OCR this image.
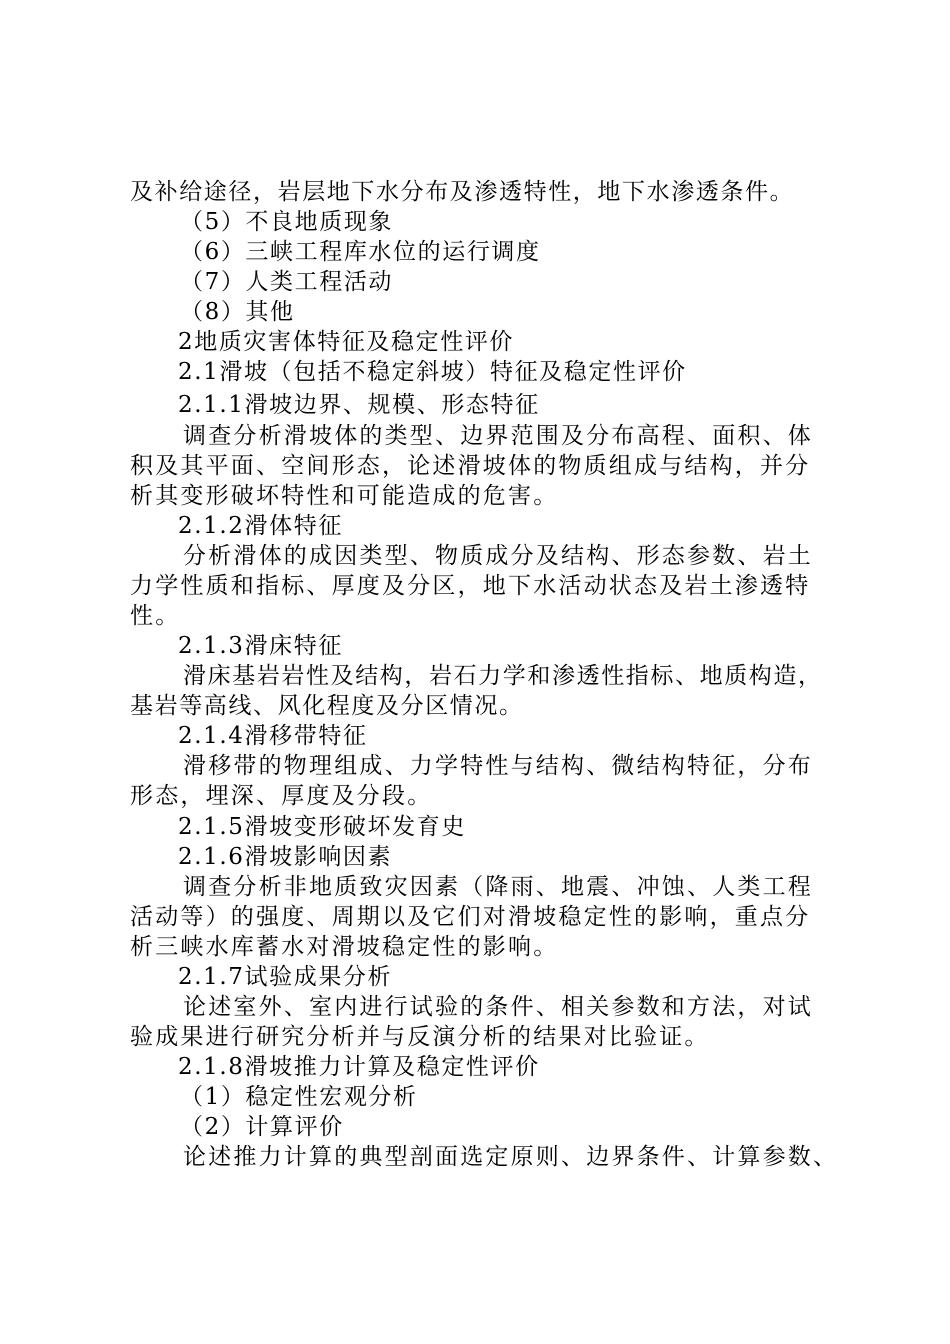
及补给途径，岩层地下水分布及渗透特性，地下水渗透条件。
（5）不良地质现象
（6）三峡工程库水位的运行调度
（7）人类工程活动
（8）其他
2地质灾害体特征及稳定性评价
2.1滑坡（包括不稳定斜坡）特征及稳定性评价
2.1.1滑坡边界、规模、形态特征
调查分析滑坡体的类型、边界范围及分布高程、面积、体
积及其平面、空间形态，论述滑坡体的物质组成与结构，并分
析其变形破坏特性和可能造成的危害。
2.1.2滑体特征
分析滑体的成因类型、物质成分及结构、形态参数、岩土
力学性质和指标、厚度及分区，地下水活动状态及岩土渗透特
性。
2.1.3滑床特征
滑床基岩岩性及结构，岩石力学和渗透性指标、地质构造，
基岩等高线、风化程度及分区情况。
2.1.4滑移带特征
滑移带的物理组成、力学特性与结构、微结构特征，分布
形态，埋深、厚度及分段。
2.1.5滑坡变形破坏发育史
2.1.6滑坡影响因素
调查分析非地质致灾因素（降雨、地震、冲蚀、人类工程
活动等）的强度、周期以及它们对滑坡稳定性的影响，重点分
析三峡水库蓄水对滑坡稳定性的影响。
2.1.7试验成果分析
论述室外、室内进行试验的条件、相关参数和方法，对试
验成果进行研究分析并与反演分析的结果对比验证。
2.1.8滑坡推力计算及稳定性评价
（1）稳定性宏观分析
（2）计算评价
论述推力计算的典型剖面选定原则、边界条件、计算参数、
